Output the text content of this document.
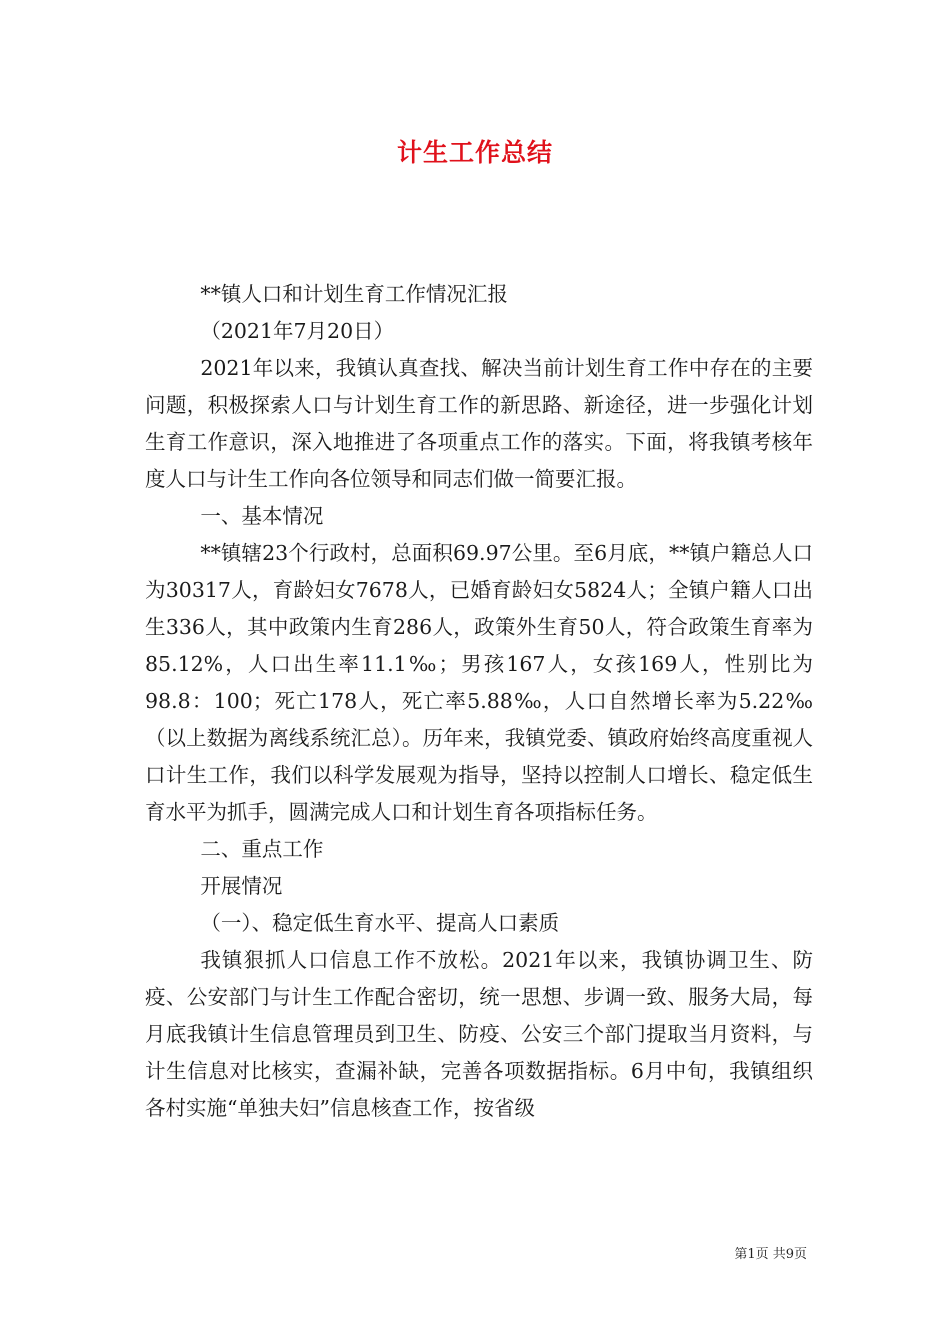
计生工作总结

**镇人口和计划生育工作情况汇报

（2021年7月20日）

2021年以来，我镇认真查找、解决当前计划生育工作中存在的主要问题，积极探索人口与计划生育工作的新思路、新途径，进一步强化计划生育工作意识，深入地推进了各项重点工作的落实。下面，将我镇考核年度人口与计生工作向各位领导和同志们做一简要汇报。

一、基本情况

**镇辖23个行政村，总面积69.97公里。至6月底，**镇户籍总人口为30317人，育龄妇女7678人，已婚育龄妇女5824人；全镇户籍人口出生336人，其中政策内生育286人，政策外生育50人，符合政策生育率为85.12%，人口出生率11.1‰；男孩167人，女孩169人，性别比为98.8：100；死亡178人，死亡率5.88‰，人口自然增长率为5.22‰（以上数据为离线系统汇总）。历年来，我镇党委、镇政府始终高度重视人口计生工作，我们以科学发展观为指导，坚持以控制人口增长、稳定低生育水平为抓手，圆满完成人口和计划生育各项指标任务。

二、重点工作

开展情况

（一）、稳定低生育水平、提高人口素质

我镇狠抓人口信息工作不放松。2021年以来，我镇协调卫生、防疫、公安部门与计生工作配合密切，统一思想、步调一致、服务大局，每月底我镇计生信息管理员到卫生、防疫、公安三个部门提取当月资料，与计生信息对比核实，查漏补缺，完善各项数据指标。6月中旬，我镇组织各村实施“单独夫妇”信息核查工作，按省级

第1页 共9页
